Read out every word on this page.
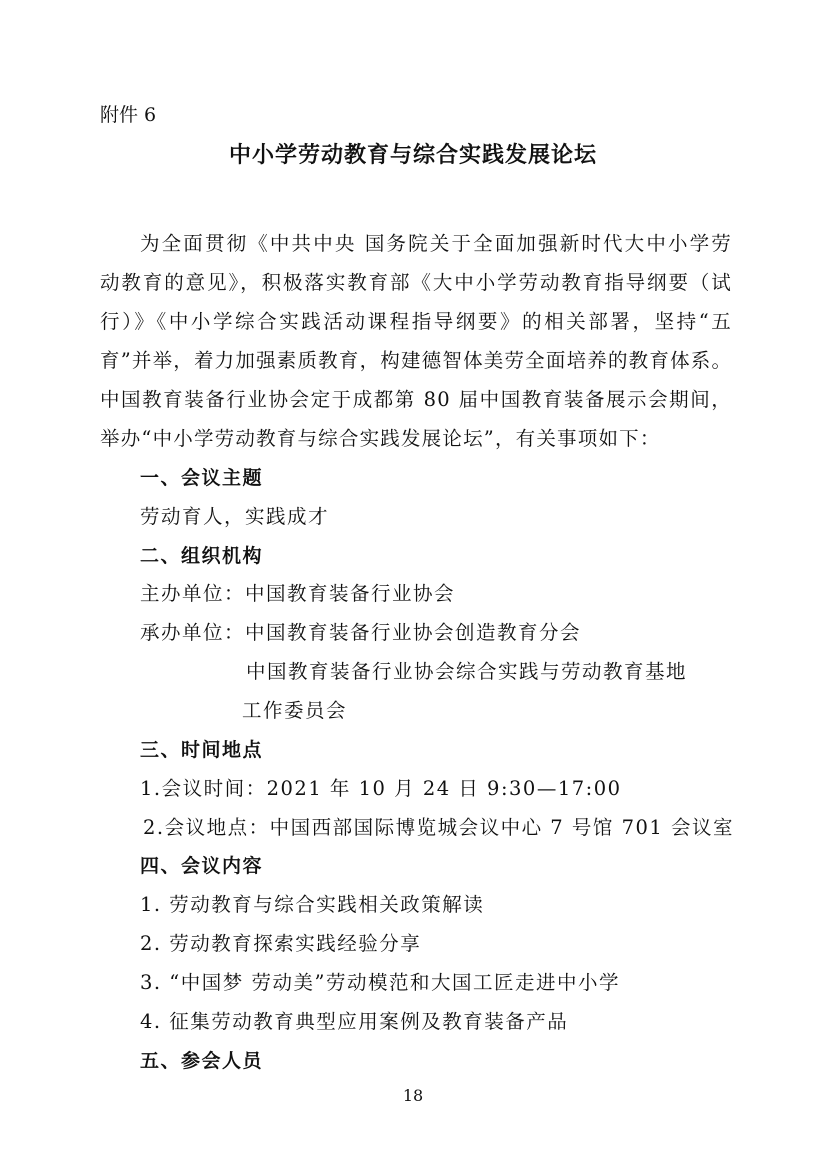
附件 6
中小学劳动教育与综合实践发展论坛
为全面贯彻《中共中央 国务院关于全面加强新时代大中小学劳
动教育的意见》，积极落实教育部《大中小学劳动教育指导纲要（试
行）》《中小学综合实践活动课程指导纲要》的相关部署，坚持“五
育”并举，着力加强素质教育，构建德智体美劳全面培养的教育体系。
中国教育装备行业协会定于成都第 80 届中国教育装备展示会期间，
举办“中小学劳动教育与综合实践发展论坛”，有关事项如下：
一、会议主题
劳动育人，实践成才
二、组织机构
主办单位：中国教育装备行业协会
承办单位：中国教育装备行业协会创造教育分会
中国教育装备行业协会综合实践与劳动教育基地
工作委员会
三、时间地点
1.会议时间：2021 年 10 月 24 日 9:30—17:00
2.会议地点：中国西部国际博览城会议中心 7 号馆 701 会议室
四、会议内容
1. 劳动教育与综合实践相关政策解读
2. 劳动教育探索实践经验分享
3. “中国梦 劳动美”劳动模范和大国工匠走进中小学
4. 征集劳动教育典型应用案例及教育装备产品
五、参会人员
18
